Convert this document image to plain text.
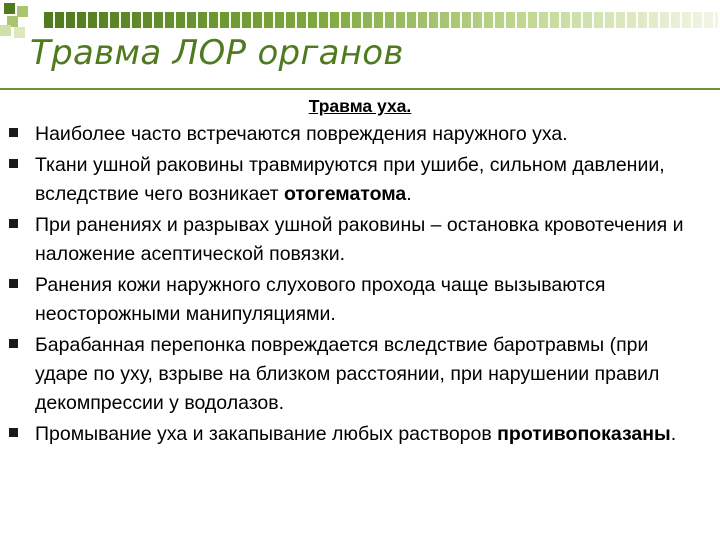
Травма ЛОР органов
Травма уха.
Наиболее часто встречаются повреждения наружного уха.
Ткани ушной раковины травмируются при ушибе, сильном давлении, вследствие чего возникает отогематома.
При ранениях и разрывах ушной раковины – остановка кровотечения и наложение асептической повязки.
Ранения кожи наружного слухового прохода чаще вызываются неосторожными манипуляциями.
Барабанная перепонка повреждается вследствие баротравмы (при ударе по уху, взрыве на близком расстоянии, при нарушении правил декомпрессии у водолазов.
Промывание уха и закапывание любых растворов противопоказаны.
